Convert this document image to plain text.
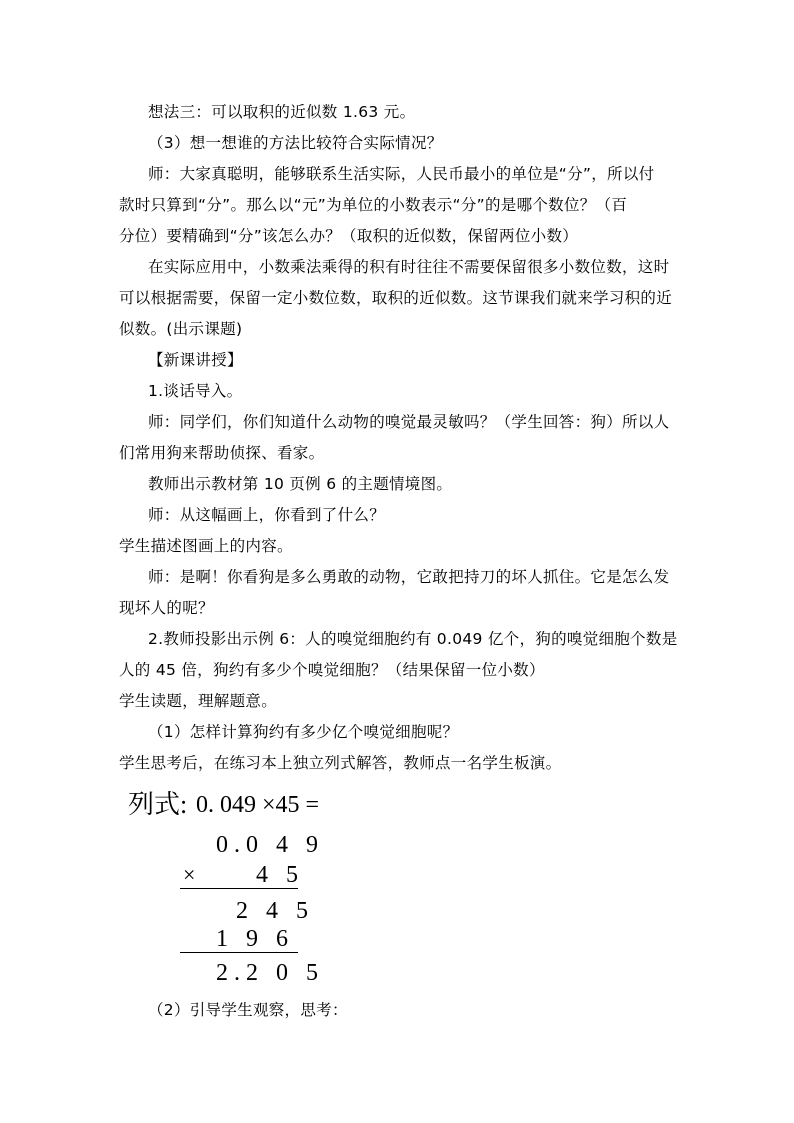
想法三：可以取积的近似数 1.63 元。
（3）想一想谁的方法比较符合实际情况？
师：大家真聪明，能够联系生活实际，人民币最小的单位是“分”，所以付
款时只算到“分”。那么以“元”为单位的小数表示“分”的是哪个数位？（百
分位）要精确到“分”该怎么办？（取积的近似数，保留两位小数）
在实际应用中，小数乘法乘得的积有时往往不需要保留很多小数位数，这时
可以根据需要，保留一定小数位数，取积的近似数。这节课我们就来学习积的近
似数。(出示课题)
【新课讲授】
1.谈话导入。
师：同学们，你们知道什么动物的嗅觉最灵敏吗？（学生回答：狗）所以人
们常用狗来帮助侦探、看家。
教师出示教材第 10 页例 6 的主题情境图。
师：从这幅画上，你看到了什么？
学生描述图画上的内容。
师：是啊！你看狗是多么勇敢的动物，它敢把持刀的坏人抓住。它是怎么发
现坏人的呢？
2.教师投影出示例 6：人的嗅觉细胞约有 0.049 亿个，狗的嗅觉细胞个数是
人的 45 倍，狗约有多少个嗅觉细胞？（结果保留一位小数）
学生读题，理解题意。
（1）怎样计算狗约有多少亿个嗅觉细胞呢？
学生思考后，在练习本上独立列式解答，教师点一名学生板演。
列式: 0. 049 ×45 =
0.0 4 9
×	4 5
2 4 5
1 9 6
2.2 0 5
（2）引导学生观察，思考：
